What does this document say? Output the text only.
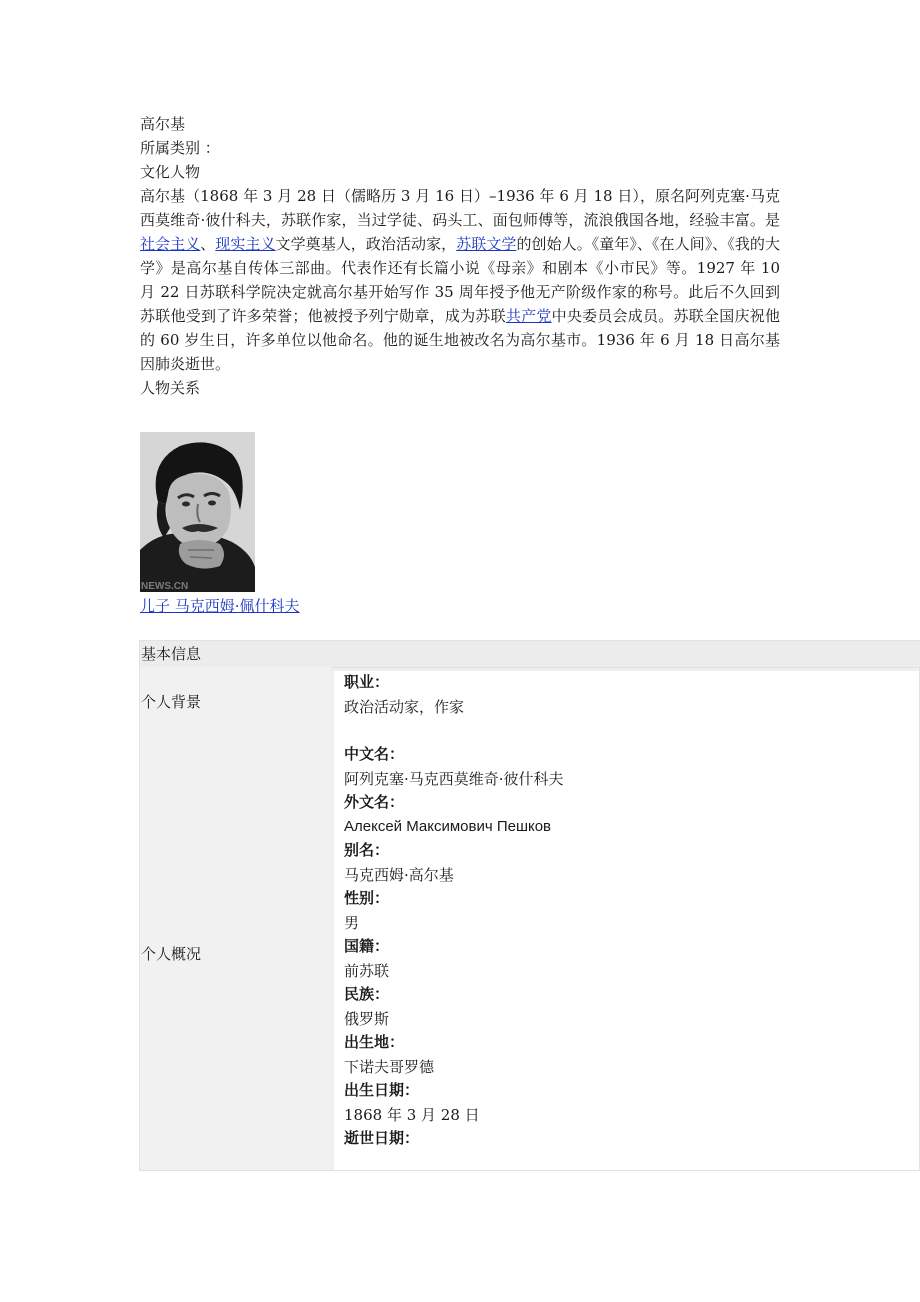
高尔基

所属类别 ：

文化人物

高尔基（1868 年 3 月 28 日（儒略历 3 月 16 日）–1936 年 6 月 18 日），原名阿列克塞·马克西莫维奇·彼什科夫，苏联作家，当过学徒、码头工、面包师傅等，流浪俄国各地，经验丰富。是社会主义、现实主义文学奠基人，政治活动家，苏联文学的创始人。《童年》、《在人间》、《我的大学》是高尔基自传体三部曲。代表作还有长篇小说《母亲》和剧本《小市民》等。1927 年 10 月 22 日苏联科学院决定就高尔基开始写作 35 周年授予他无产阶级作家的称号。此后不久回到苏联他受到了许多荣誉；他被授予列宁勋章，成为苏联共产党中央委员会成员。苏联全国庆祝他的 60 岁生日，许多单位以他命名。他的诞生地被改名为高尔基市。1936 年 6 月 18 日高尔基因肺炎逝世。

人物关系

NEWS.CN
儿子 马克西姆·佩什科夫
基本信息
个人背景
个人概况

职业：

政治活动家，作家

中文名：

阿列克塞·马克西莫维奇·彼什科夫

外文名：

Алексей Максимович Пешков

别名：

马克西姆·高尔基

性别：

男

国籍：

前苏联

民族：

俄罗斯

出生地：

下诺夫哥罗德

出生日期：

1868 年 3 月 28 日

逝世日期：
